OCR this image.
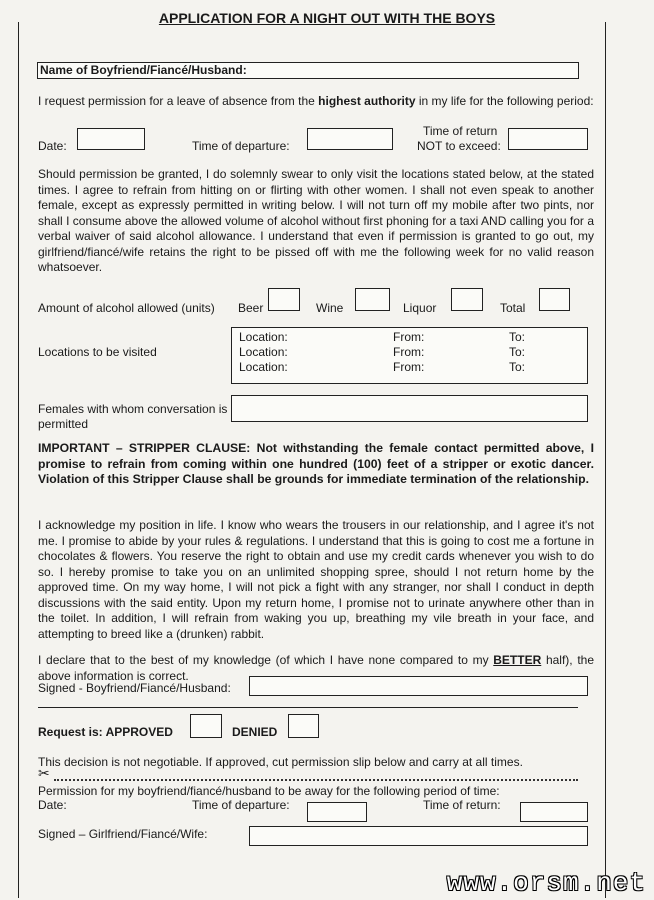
APPLICATION FOR A NIGHT OUT WITH THE BOYS
Name of Boyfriend/Fiancé/Husband:
I request permission for a leave of absence from the highest authority in my life for the following period:
Date:	Time of departure:
Time of return
NOT to exceed:
Should permission be granted, I do solemnly swear to only visit the locations stated below, at the stated times. I agree to refrain from hitting on or flirting with other women. I shall not even speak to another female, except as expressly permitted in writing below. I will not turn off my mobile after two pints, nor shall I consume above the allowed volume of alcohol without first phoning for a taxi AND calling you for a verbal waiver of said alcohol allowance. I understand that even if permission is granted to go out, my girlfriend/fiancé/wife retains the right to be pissed off with me the following week for no valid reason whatsoever.
Amount of alcohol allowed (units) Beer	Wine	Liquor	Total
Locations to be visited
Location:	From:	To:
Location:	From:	To:
Location:	From:	To:
Females with whom conversation is permitted
IMPORTANT – STRIPPER CLAUSE: Not withstanding the female contact permitted above, I promise to refrain from coming within one hundred (100) feet of a stripper or exotic dancer. Violation of this Stripper Clause shall be grounds for immediate termination of the relationship.
I acknowledge my position in life. I know who wears the trousers in our relationship, and I agree it's not me. I promise to abide by your rules & regulations. I understand that this is going to cost me a fortune in chocolates & flowers. You reserve the right to obtain and use my credit cards whenever you wish to do so. I hereby promise to take you on an unlimited shopping spree, should I not return home by the approved time. On my way home, I will not pick a fight with any stranger, nor shall I conduct in depth discussions with the said entity. Upon my return home, I promise not to urinate anywhere other than in the toilet. In addition, I will refrain from waking you up, breathing my vile breath in your face, and attempting to breed like a (drunken) rabbit.
I declare that to the best of my knowledge (of which I have none compared to my BETTER half), the above information is correct.
Signed - Boyfriend/Fiancé/Husband:
Request is: APPROVED	DENIED
This decision is not negotiable. If approved, cut permission slip below and carry at all times.
✂
Permission for my boyfriend/fiancé/husband to be away for the following period of time:
Date:	Time of departure:	Time of return:
Signed – Girlfriend/Fiancé/Wife:
www.orsm.net
